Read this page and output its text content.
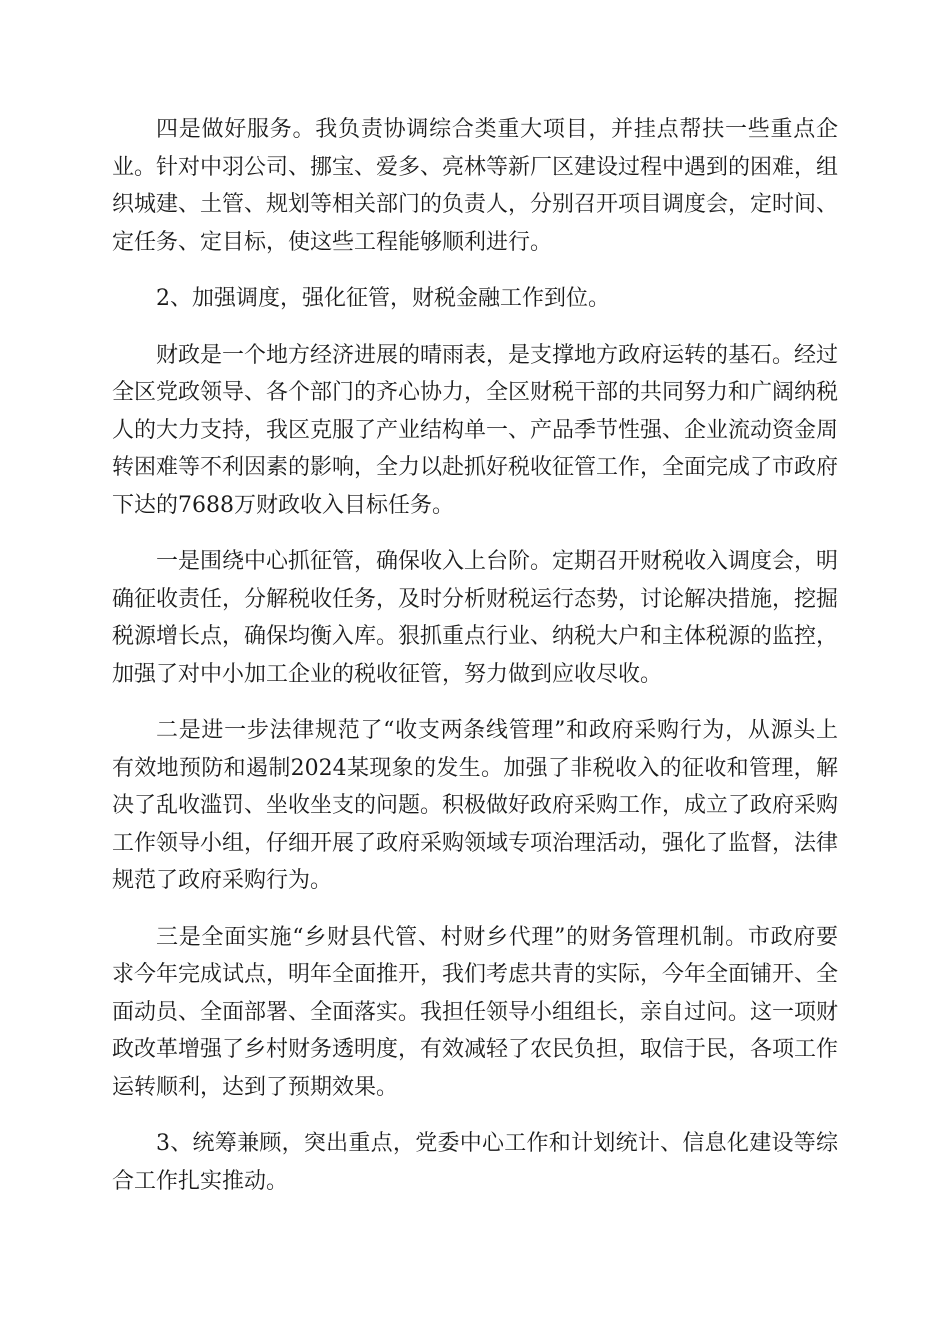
四是做好服务。我负责协调综合类重大项目，并挂点帮扶一些重点企业。针对中羽公司、挪宝、爱多、亮林等新厂区建设过程中遇到的困难，组织城建、土管、规划等相关部门的负责人，分别召开项目调度会，定时间、定任务、定目标，使这些工程能够顺利进行。

2、加强调度，强化征管，财税金融工作到位。

财政是一个地方经济进展的晴雨表，是支撑地方政府运转的基石。经过全区党政领导、各个部门的齐心协力，全区财税干部的共同努力和广阔纳税人的大力支持，我区克服了产业结构单一、产品季节性强、企业流动资金周转困难等不利因素的影响，全力以赴抓好税收征管工作，全面完成了市政府下达的7688万财政收入目标任务。

一是围绕中心抓征管，确保收入上台阶。定期召开财税收入调度会，明确征收责任，分解税收任务，及时分析财税运行态势，讨论解决措施，挖掘税源增长点，确保均衡入库。狠抓重点行业、纳税大户和主体税源的监控，加强了对中小加工企业的税收征管，努力做到应收尽收。

二是进一步法律规范了“收支两条线管理”和政府采购行为，从源头上有效地预防和遏制2024某现象的发生。加强了非税收入的征收和管理，解决了乱收滥罚、坐收坐支的问题。积极做好政府采购工作，成立了政府采购工作领导小组，仔细开展了政府采购领域专项治理活动，强化了监督，法律规范了政府采购行为。

三是全面实施“乡财县代管、村财乡代理”的财务管理机制。市政府要求今年完成试点，明年全面推开，我们考虑共青的实际，今年全面铺开、全面动员、全面部署、全面落实。我担任领导小组组长，亲自过问。这一项财政改革增强了乡村财务透明度，有效减轻了农民负担，取信于民，各项工作运转顺利，达到了预期效果。

3、统筹兼顾，突出重点，党委中心工作和计划统计、信息化建设等综合工作扎实推动。
